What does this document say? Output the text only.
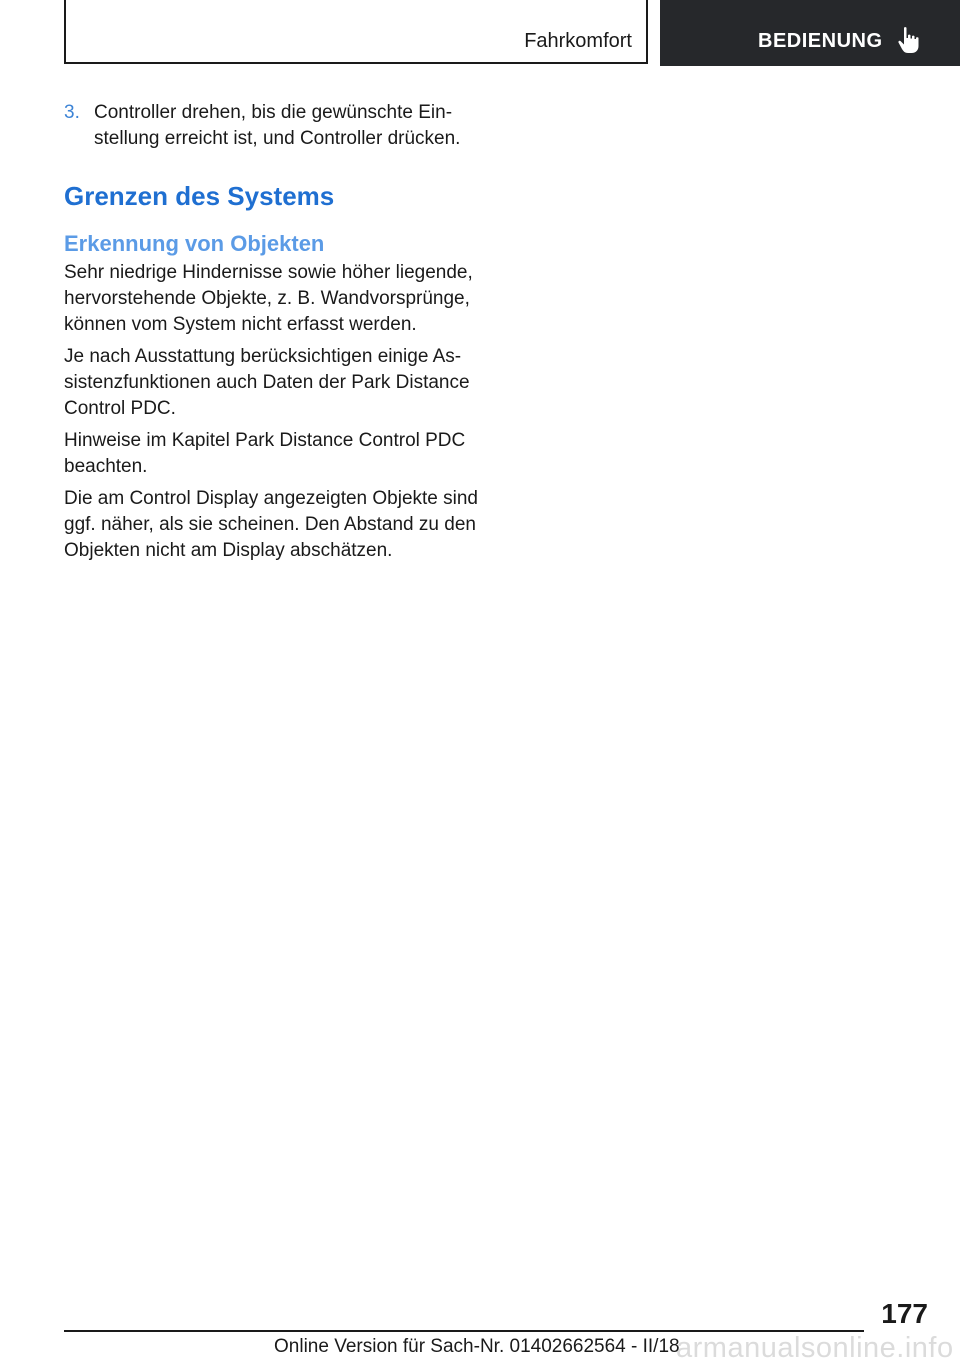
Fahrkomfort	BEDIENUNG
3. Controller drehen, bis die gewünschte Ein-stellung erreicht ist, und Controller drücken.
Grenzen des Systems
Erkennung von Objekten

Sehr niedrige Hindernisse sowie höher liegende, hervorstehende Objekte, z. B. Wandvorsprünge, können vom System nicht erfasst werden.

Je nach Ausstattung berücksichtigen einige As-sistenzfunktionen auch Daten der Park Distance Control PDC.

Hinweise im Kapitel Park Distance Control PDC beachten.

Die am Control Display angezeigten Objekte sind ggf. näher, als sie scheinen. Den Abstand zu den Objekten nicht am Display abschätzen.

177
Online Version für Sach-Nr. 01402662564 - II/18
armanualsonline.info
